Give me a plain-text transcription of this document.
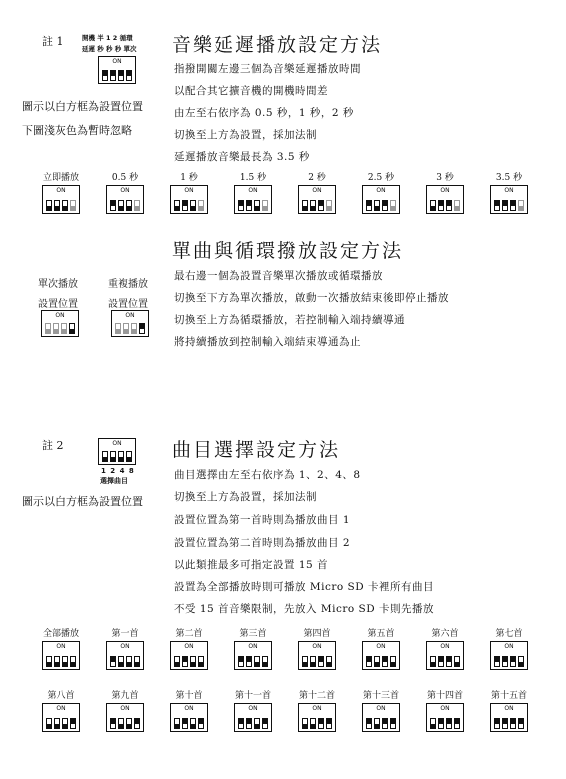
註 1	開機 半 1 2 循環
延遲 秒 秒 秒 單次
ON
圖示以白方框為設置位置
下圖淺灰色為暫時忽略
音樂延遲播放設定方法
指撥開關左邊三個為音樂延遲播放時間
以配合其它擴音機的開機時間差
由左至右依序為 0.5 秒，1 秒，2 秒
切換至上方為設置，採加法制
延遲播放音樂最長為 3.5 秒
立即播放
ON
0.5 秒
ON
1 秒
ON
1.5 秒
ON
2 秒
ON
2.5 秒
ON
3 秒
ON
3.5 秒
ON
單曲與循環撥放設定方法
單次播放	重複播放
設置位置	設置位置
ON	ON
最右邊一個為設置音樂單次播放或循環播放
切換至下方為單次播放，啟動一次播放結束後即停止播放
切換至上方為循環播放，若控制輸入端持續導通
將持續播放到控制輸入端結束導通為止
註 2	ON
1 2 4 8
選擇曲目
圖示以白方框為設置位置
曲目選擇設定方法
曲目選擇由左至右依序為 1、2、4、8
切換至上方為設置，採加法制
設置位置為第一首時則為播放曲目 1
設置位置為第二首時則為播放曲目 2
以此類推最多可指定設置 15 首
設置為全部播放時則可播放 Micro SD 卡裡所有曲目
不受 15 首音樂限制，先放入 Micro SD 卡則先播放
全部播放
ON
第一首
ON
第二首
ON
第三首
ON
第四首
ON
第五首
ON
第六首
ON
第七首
ON
第八首
ON
第九首
ON
第十首
ON
第十一首
ON
第十二首
ON
第十三首
ON
第十四首
ON
第十五首
ON
